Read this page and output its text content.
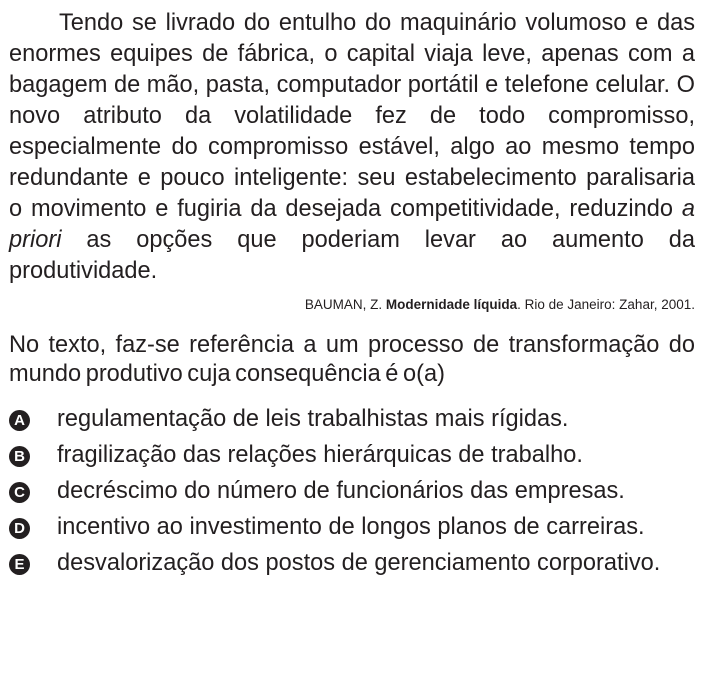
Tendo se livrado do entulho do maquinário volumoso e das enormes equipes de fábrica, o capital viaja leve, apenas com a bagagem de mão, pasta, computador portátil e telefone celular. O novo atributo da volatilidade fez de todo compromisso, especialmente do compromisso estável, algo ao mesmo tempo redundante e pouco inteligente: seu estabelecimento paralisaria o movimento e fugiria da desejada competitividade, reduzindo a priori as opções que poderiam levar ao aumento da produtividade.

BAUMAN, Z. Modernidade líquida. Rio de Janeiro: Zahar, 2001.
No texto, faz-se referência a um processo de transformação do mundo produtivo cuja consequência é o(a)
A regulamentação de leis trabalhistas mais rígidas.
B fragilização das relações hierárquicas de trabalho.
C decréscimo do número de funcionários das empresas.
D incentivo ao investimento de longos planos de carreiras.
E desvalorização dos postos de gerenciamento corporativo.
